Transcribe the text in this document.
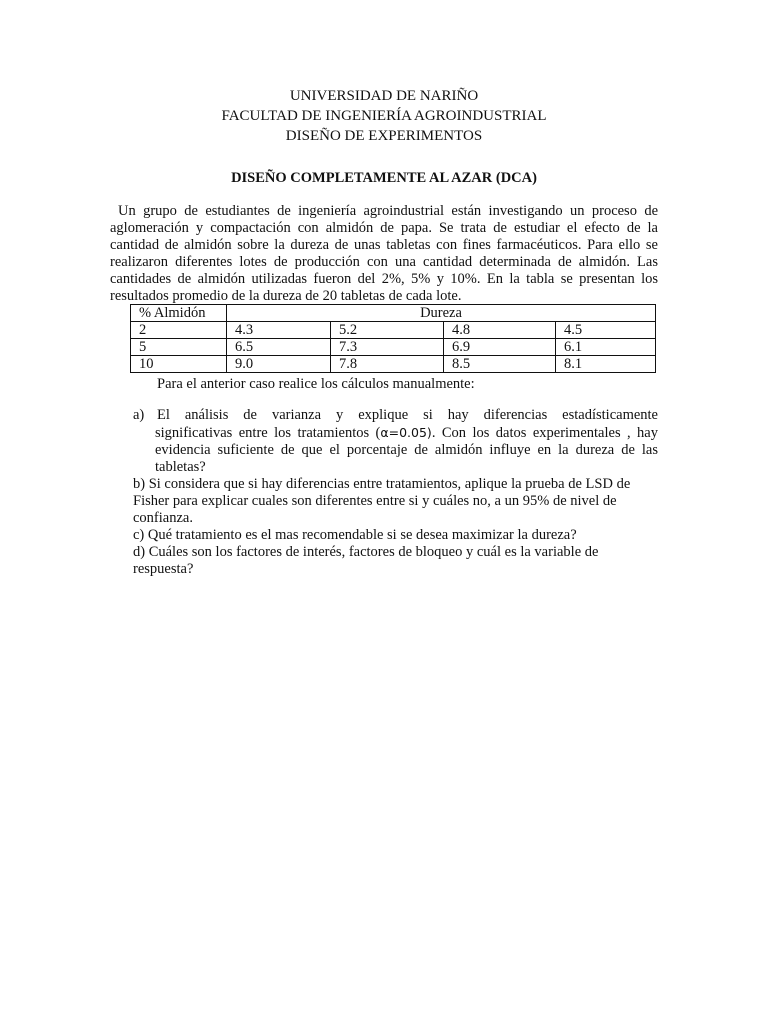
UNIVERSIDAD DE NARIÑO
FACULTAD DE INGENIERÍA AGROINDUSTRIAL
DISEÑO DE EXPERIMENTOS
DISEÑO COMPLETAMENTE AL AZAR (DCA)

Un grupo de estudiantes de ingeniería agroindustrial están investigando un proceso de aglomeración y compactación con almidón de papa. Se trata de estudiar el efecto de la cantidad de almidón sobre la dureza de unas tabletas con fines farmacéuticos. Para ello se realizaron diferentes lotes de producción con una cantidad determinada de almidón. Las cantidades de almidón utilizadas fueron del 2%, 5% y 10%. En la tabla se presentan los resultados promedio de la dureza de 20 tabletas de cada lote.

% Almidón	Dureza			
2	4.3	5.2	4.8	4.5
5	6.5	7.3	6.9	6.1
10	9.0	7.8	8.5	8.1
Para el anterior caso realice los cálculos manualmente:
a) El análisis de varianza y explique si hay diferencias estadísticamente
significativas entre los tratamientos (α=0.05). Con los datos experimentales , hay evidencia suficiente de que el porcentaje de almidón influye en la dureza de las tabletas?

b) Si considera que si hay diferencias entre tratamientos, aplique la prueba de LSD de Fisher para explicar cuales son diferentes entre si y cuáles no, a un 95% de nivel de confianza.

c) Qué tratamiento es el mas recomendable si se desea maximizar la dureza?

d) Cuáles son los factores de interés, factores de bloqueo y cuál es la variable de respuesta?
